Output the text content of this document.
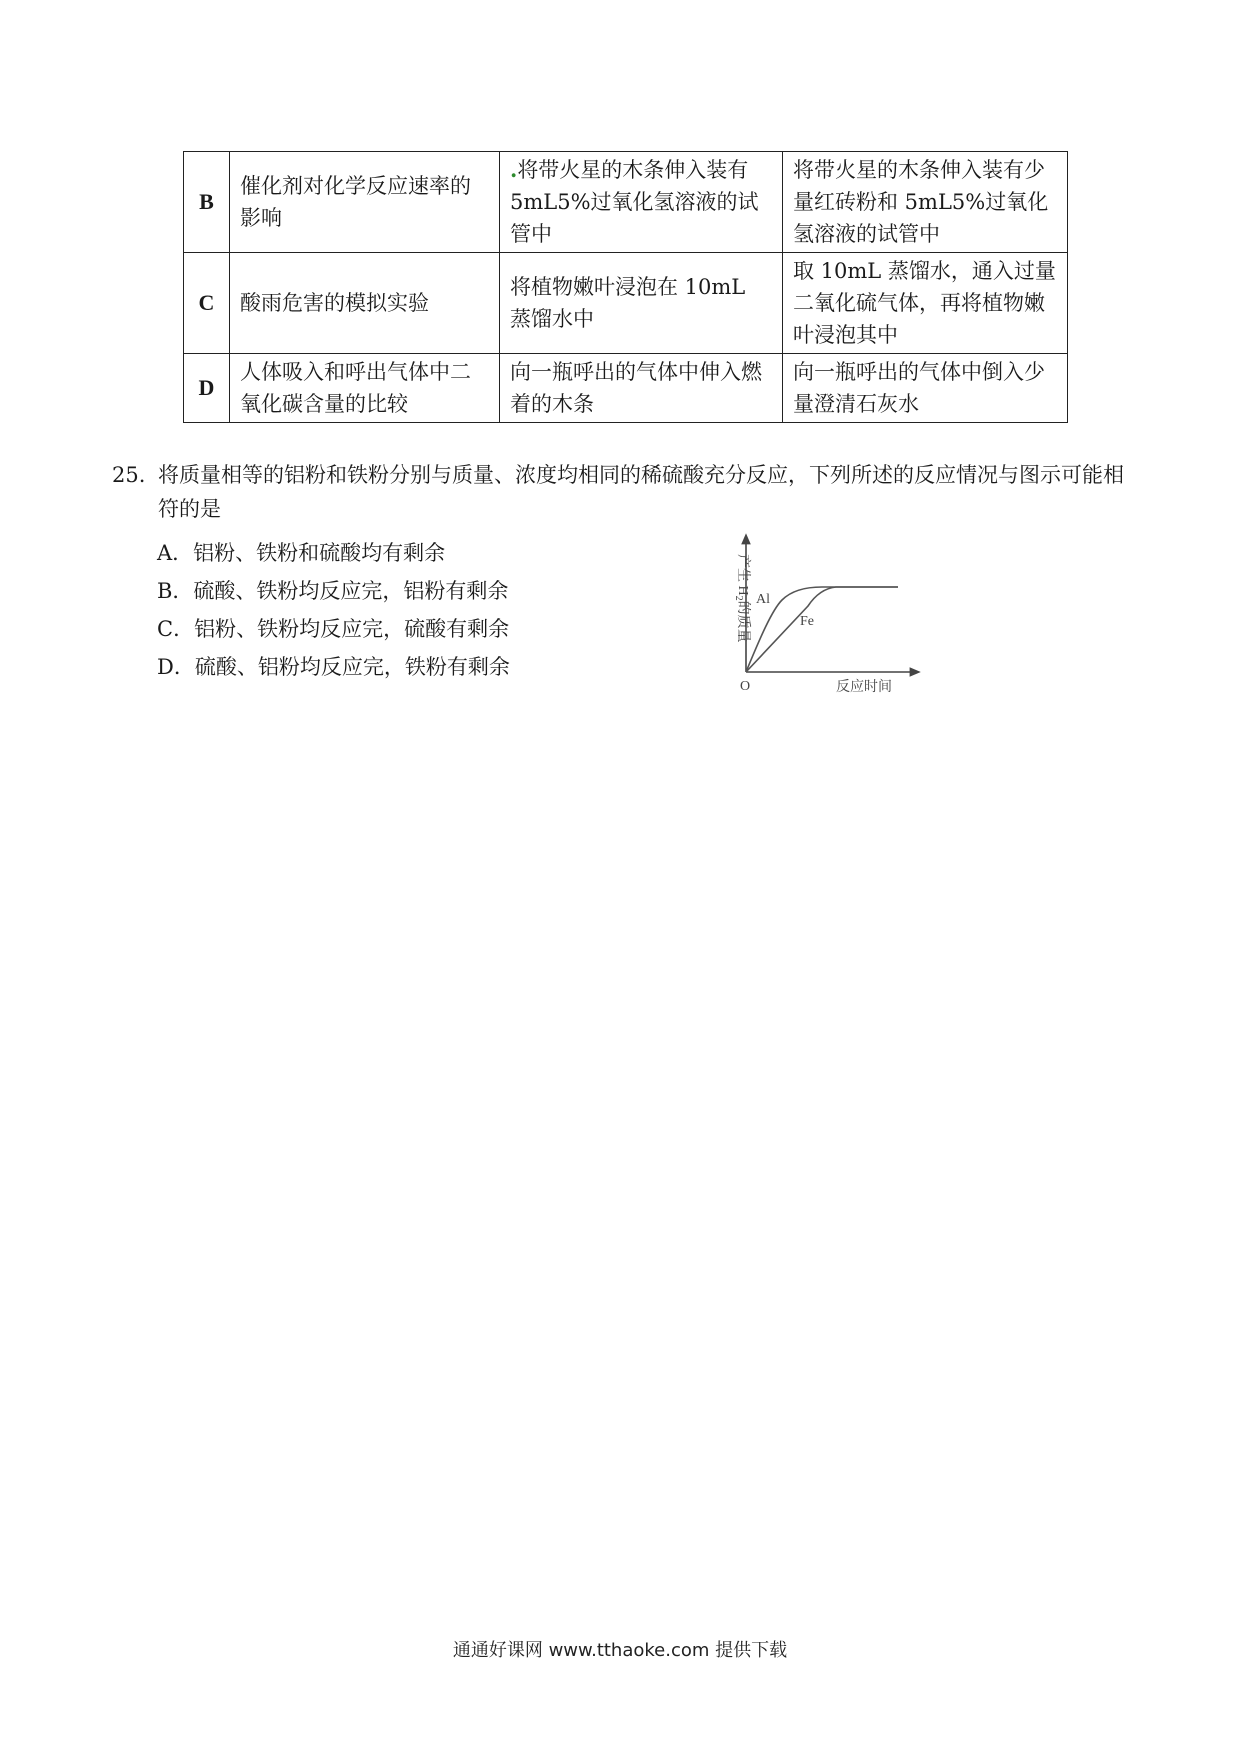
B	催化剂对化学反应速率的影响	.将带火星的木条伸入装有5mL5%过氧化氢溶液的试管中	将带火星的木条伸入装有少量红砖粉和 5mL5%过氧化氢溶液的试管中
C	酸雨危害的模拟实验	将植物嫩叶浸泡在 10mL 蒸馏水中	取 10mL 蒸馏水，通入过量二氧化硫气体，再将植物嫩叶浸泡其中
D	人体吸入和呼出气体中二氧化碳含量的比较	向一瓶呼出的气体中伸入燃着的木条	向一瓶呼出的气体中倒入少量澄清石灰水
25. 将质量相等的铝粉和铁粉分别与质量、浓度均相同的稀硫酸充分反应，下列所述的反应情况与图示可能相符的是
A．铝粉、铁粉和硫酸均有剩余
B．硫酸、铁粉均反应完，铝粉有剩余
C．铝粉、铁粉均反应完，硫酸有剩余
D．硫酸、铝粉均反应完，铁粉有剩余
Al
Fe
O	反应时间
产生 $H_2$的质量
通通好课网 www.tthaoke.com 提供下载
